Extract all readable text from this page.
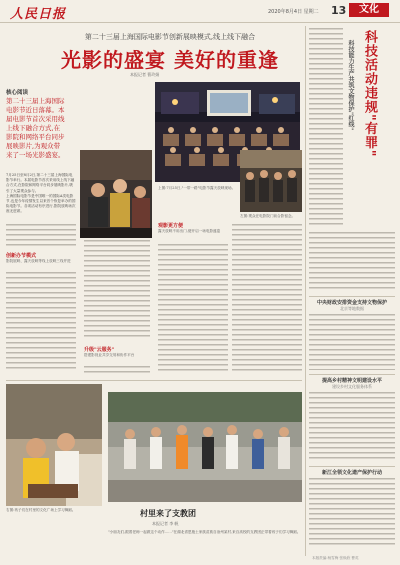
人民日报	2020年8月4日 星期二 13	文化
第二十三届上海国际电影节创新展映模式,线上线下融合
光影的盛宴 美好的重逢
本报记者 曹玲娟
核心阅读
第二十三届上海国际电影节近日落幕。本届电影节首次采用线上线下融合方式,在影院和网络平台同步展映影片,为观众带来了一场光影盛宴。
7月25日至8月2日,第二十三届上海国际电影节举行。本届电影节首次采用线上线下融合方式,在影院和网络平台同步展映影片,吸引了大量观众参与。
上海国际电影节是中国唯一的国际A类电影节,也是今年疫情发生以来首个恢复举办的国际电影节。各项活动有序进行,影院放映场次座无虚席。
创新办节模式
影院展映、露天放映等线上放映三线并进
上图:7月25日,"一带一路"电影节露天放映现场。
升级"云服务"
搭建影视业共享交易和协作平台
左图:观众在电影院门前合影留念。
观影更方便
露天放映不用出门,便开启一场电影盛宴
右图:孩子们在村里的文化广场上学习舞蹈。	村里来了支教团
本报记者 李 帆
"小朋友们,跟着老师一起做这个动作……"在湖北省恩施土家族苗族自治州某村,来自高校的支教团正带着孩子们学习舞蹈。
科技活动违规"有罪"
科技能力生产共筑文物保护"红线"
中央财政安排资金支持文物保护
北京等地数据
提高乡村精神文明建设水平
建设乡村文化服务体系
新江全领文化遗产保护行动
本版责编:杨雪梅 张焕欣 曹英
